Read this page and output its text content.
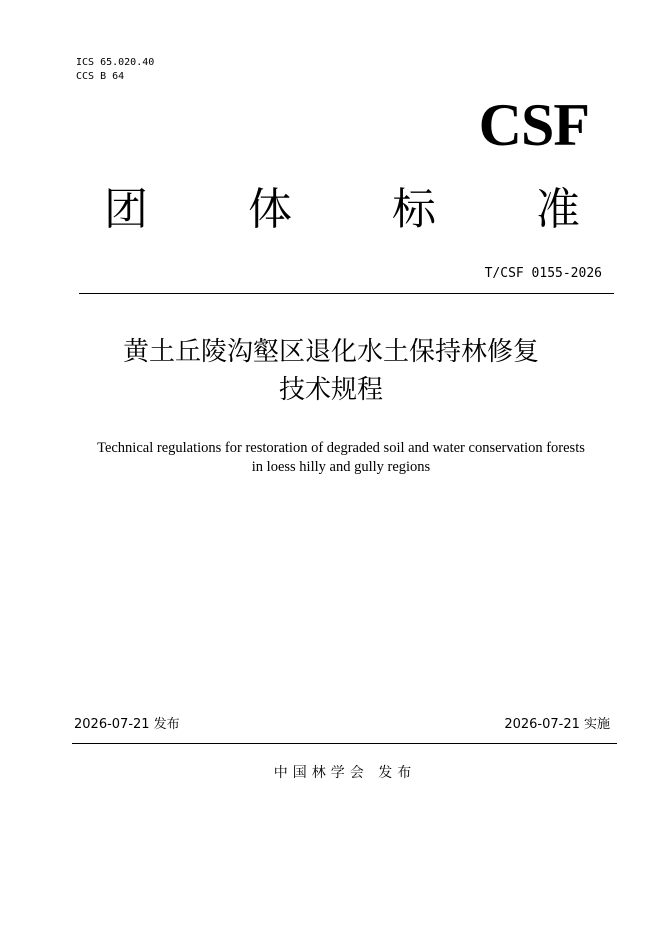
ICS 65.020.40
CCS B 64
CSF
团 体 标 准
T/CSF 0155-2026
黄土丘陵沟壑区退化水土保持林修复
技术规程
Technical regulations for restoration of degraded soil and water conservation forests
in loess hilly and gully regions
2026-07-21 发布	2026-07-21 实施
中国林学会 发布
